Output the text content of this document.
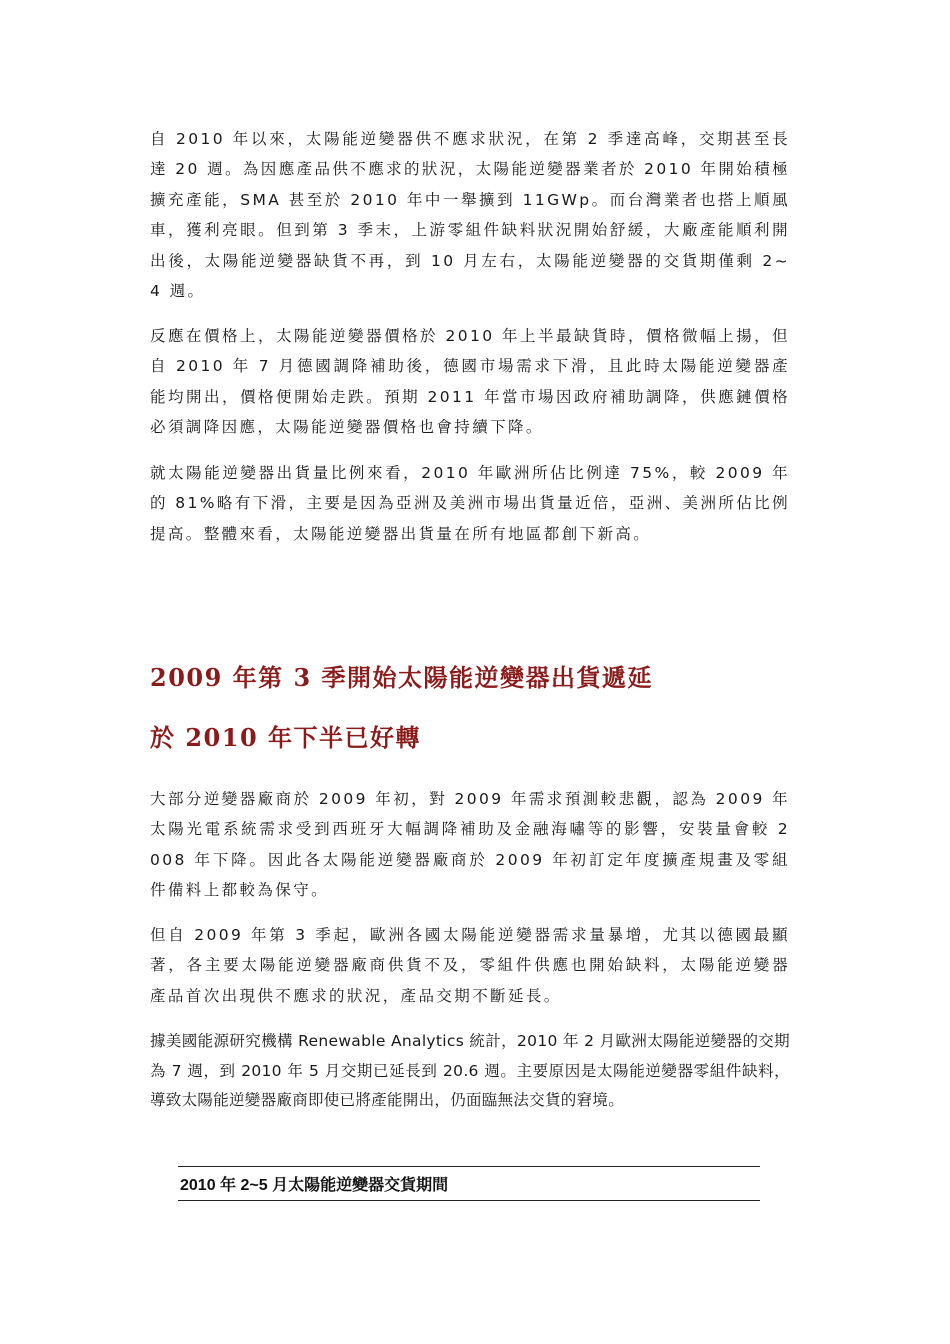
自 2010 年以來，太陽能逆變器供不應求狀況，在第 2 季達高峰，交期甚至長達 20 週。為因應產品供不應求的狀況，太陽能逆變器業者於 2010 年開始積極擴充產能，SMA 甚至於 2010 年中一舉擴到 11GWp。而台灣業者也搭上順風車，獲利亮眼。但到第 3 季末，上游零組件缺料狀況開始舒緩，大廠產能順利開出後，太陽能逆變器缺貨不再，到 10 月左右，太陽能逆變器的交貨期僅剩 2~4 週。

反應在價格上，太陽能逆變器價格於 2010 年上半最缺貨時，價格微幅上揚，但自 2010 年 7 月德國調降補助後，德國市場需求下滑，且此時太陽能逆變器產能均開出，價格便開始走跌。預期 2011 年當市場因政府補助調降，供應鏈價格必須調降因應，太陽能逆變器價格也會持續下降。

就太陽能逆變器出貨量比例來看，2010 年歐洲所佔比例達 75%，較 2009 年的 81%略有下滑，主要是因為亞洲及美洲市場出貨量近倍，亞洲、美洲所佔比例提高。整體來看，太陽能逆變器出貨量在所有地區都創下新高。

2009 年第 3 季開始太陽能逆變器出貨遞延
於 2010 年下半已好轉

大部分逆變器廠商於 2009 年初，對 2009 年需求預測較悲觀，認為 2009 年太陽光電系統需求受到西班牙大幅調降補助及金融海嘯等的影響，安裝量會較 2008 年下降。因此各太陽能逆變器廠商於 2009 年初訂定年度擴產規畫及零組件備料上都較為保守。

但自 2009 年第 3 季起，歐洲各國太陽能逆變器需求量暴增，尤其以德國最顯著，各主要太陽能逆變器廠商供貨不及，零組件供應也開始缺料，太陽能逆變器產品首次出現供不應求的狀況，產品交期不斷延長。

據美國能源研究機構 Renewable Analytics 統計，2010 年 2 月歐洲太陽能逆變器的交期為 7 週，到 2010 年 5 月交期已延長到 20.6 週。主要原因是太陽能逆變器零組件缺料，導致太陽能逆變器廠商即使已將產能開出，仍面臨無法交貨的窘境。

2010 年 2~5 月太陽能逆變器交貨期間
